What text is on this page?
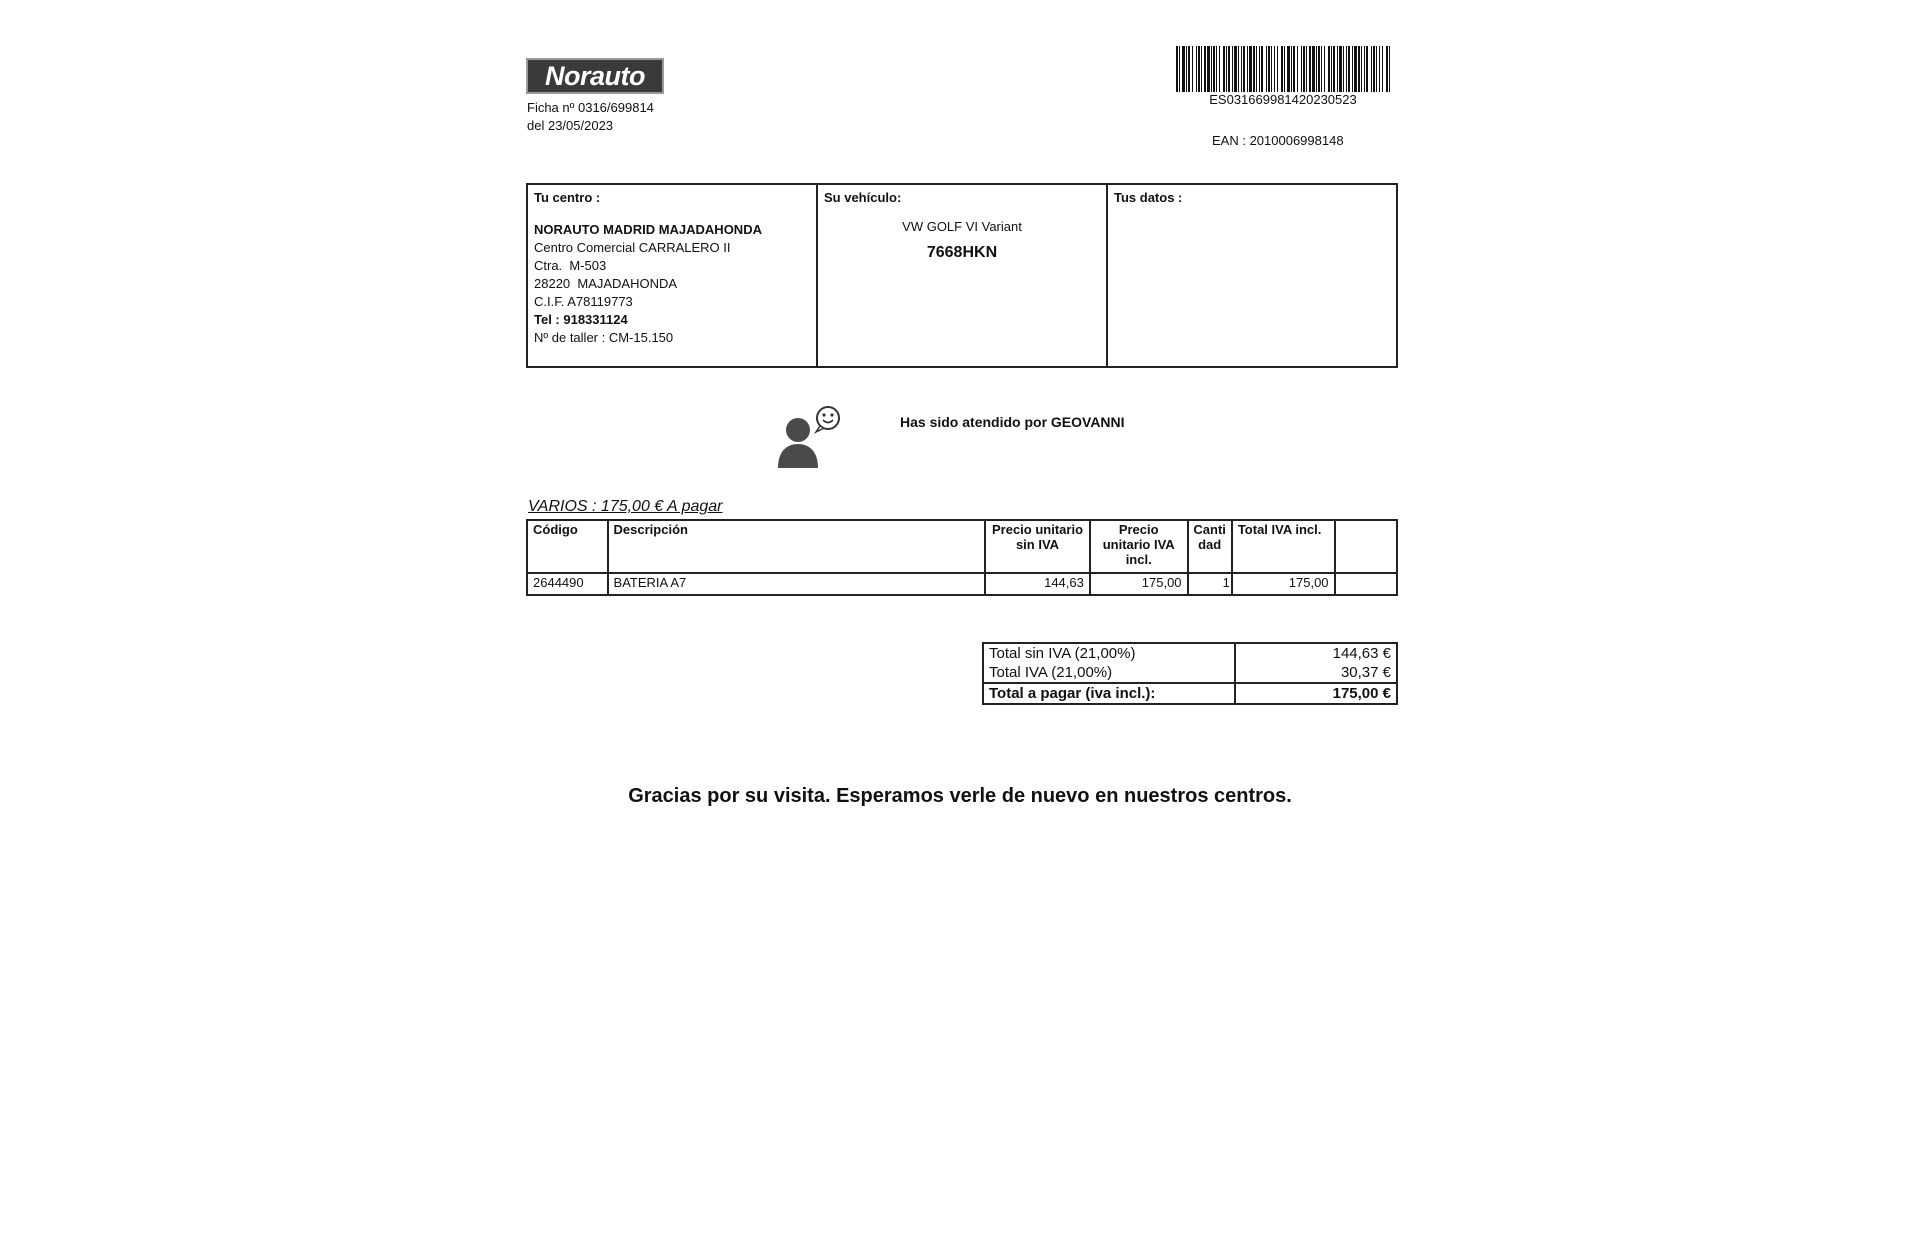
Norauto
Ficha nº 0316/699814
del 23/05/2023
ES031669981420230523
EAN : 2010006998148
Tu centro :
NORAUTO MADRID MAJADAHONDA
Centro Comercial CARRALERO II
Ctra.  M-503
28220  MAJADAHONDA
C.I.F. A78119773
Tel : 918331124
Nº de taller : CM-15.150
Su vehículo:
VW GOLF VI Variant
7668HKN
Tus datos :
Has sido atendido por GEOVANNI
VARIOS : 175,00 € A pagar
Código	Descripción	Precio unitario sin IVA	Precio unitario IVA incl.	Cantidad	Total IVA incl.	
2644490	BATERIA A7	144,63	175,00	1	175,00	
Total sin IVA (21,00%)	144,63 €
Total IVA (21,00%)	30,37 €
Total a pagar (iva incl.):	175,00 €
Gracias por su visita. Esperamos verle de nuevo en nuestros centros.
